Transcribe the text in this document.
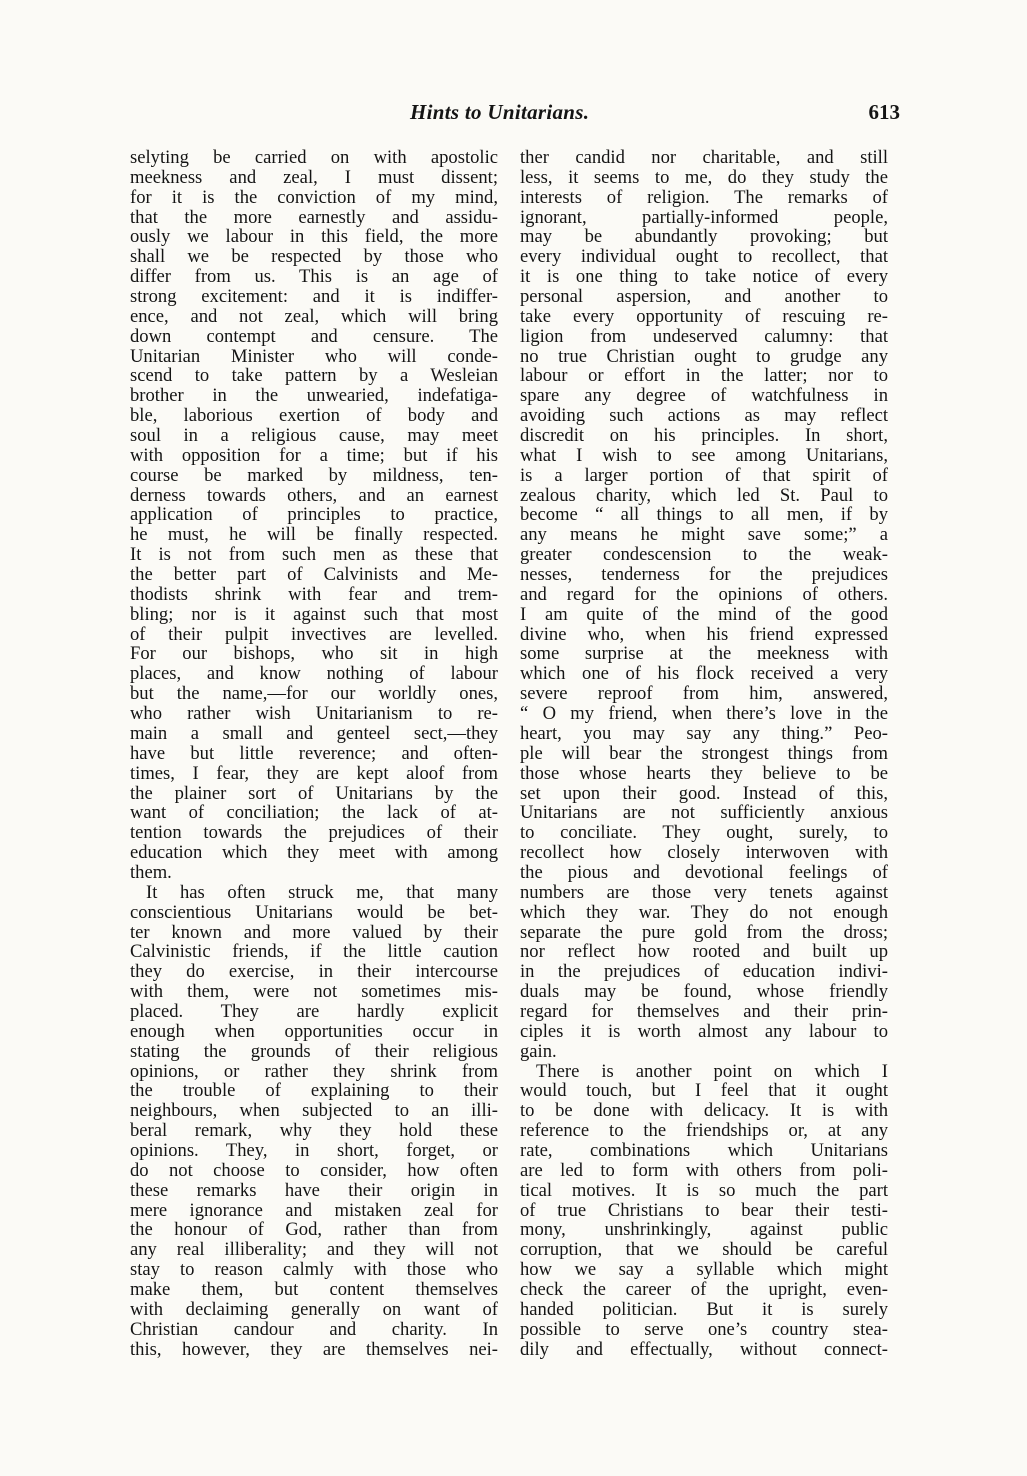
Hints to Unitarians.	613
selyting be carried on with apostolic
meekness and zeal, I must dissent;
for it is the conviction of my mind,
that the more earnestly and assidu-
ously we labour in this field, the more
shall we be respected by those who
differ from us. This is an age of
strong excitement: and it is indiffer-
ence, and not zeal, which will bring
down contempt and censure. The
Unitarian Minister who will conde-
scend to take pattern by a Wesleian
brother in the unwearied, indefatiga-
ble, laborious exertion of body and
soul in a religious cause, may meet
with opposition for a time; but if his
course be marked by mildness, ten-
derness towards others, and an earnest
application of principles to practice,
he must, he will be finally respected.
It is not from such men as these that
the better part of Calvinists and Me-
thodists shrink with fear and trem-
bling; nor is it against such that most
of their pulpit invectives are levelled.
For our bishops, who sit in high
places, and know nothing of labour
but the name,—for our worldly ones,
who rather wish Unitarianism to re-
main a small and genteel sect,—they
have but little reverence; and often-
times, I fear, they are kept aloof from
the plainer sort of Unitarians by the
want of conciliation; the lack of at-
tention towards the prejudices of their
education which they meet with among
them.
It has often struck me, that many
conscientious Unitarians would be bet-
ter known and more valued by their
Calvinistic friends, if the little caution
they do exercise, in their intercourse
with them, were not sometimes mis-
placed. They are hardly explicit
enough when opportunities occur in
stating the grounds of their religious
opinions, or rather they shrink from
the trouble of explaining to their
neighbours, when subjected to an illi-
beral remark, why they hold these
opinions. They, in short, forget, or
do not choose to consider, how often
these remarks have their origin in
mere ignorance and mistaken zeal for
the honour of God, rather than from
any real illiberality; and they will not
stay to reason calmly with those who
make them, but content themselves
with declaiming generally on want of
Christian candour and charity. In
this, however, they are themselves nei-
ther candid nor charitable, and still
less, it seems to me, do they study the
interests of religion. The remarks of
ignorant, partially-informed people,
may be abundantly provoking; but
every individual ought to recollect, that
it is one thing to take notice of every
personal aspersion, and another to
take every opportunity of rescuing re-
ligion from undeserved calumny: that
no true Christian ought to grudge any
labour or effort in the latter; nor to
spare any degree of watchfulness in
avoiding such actions as may reflect
discredit on his principles. In short,
what I wish to see among Unitarians,
is a larger portion of that spirit of
zealous charity, which led St. Paul to
become “ all things to all men, if by
any means he might save some;” a
greater condescension to the weak-
nesses, tenderness for the prejudices
and regard for the opinions of others.
I am quite of the mind of the good
divine who, when his friend expressed
some surprise at the meekness with
which one of his flock received a very
severe reproof from him, answered,
“ O my friend, when there’s love in the
heart, you may say any thing.” Peo-
ple will bear the strongest things from
those whose hearts they believe to be
set upon their good. Instead of this,
Unitarians are not sufficiently anxious
to conciliate. They ought, surely, to
recollect how closely interwoven with
the pious and devotional feelings of
numbers are those very tenets against
which they war. They do not enough
separate the pure gold from the dross;
nor reflect how rooted and built up
in the prejudices of education indivi-
duals may be found, whose friendly
regard for themselves and their prin-
ciples it is worth almost any labour to
gain.
There is another point on which I
would touch, but I feel that it ought
to be done with delicacy. It is with
reference to the friendships or, at any
rate, combinations which Unitarians
are led to form with others from poli-
tical motives. It is so much the part
of true Christians to bear their testi-
mony, unshrinkingly, against public
corruption, that we should be careful
how we say a syllable which might
check the career of the upright, even-
handed politician. But it is surely
possible to serve one’s country stea-
dily and effectually, without connect-
